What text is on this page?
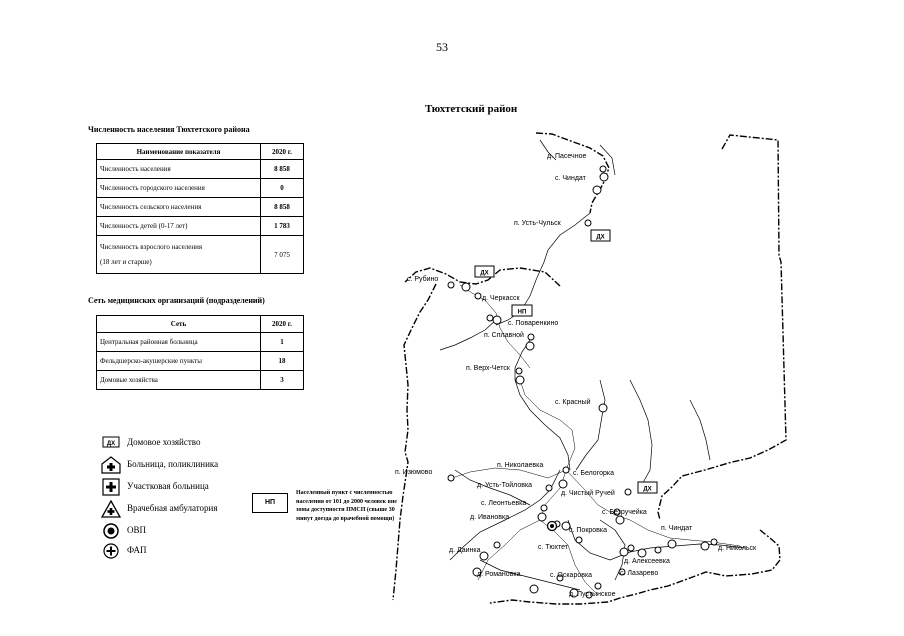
53
Тюхтетский район
Численность населения Тюхтетского района
Наименование показателя	2020 г.
Численность населения	8 858
Численность городского населения	0
Численность сельского населения	8 858
Численность детей (0-17 лет)	1 783

Численность взрослого населения
(18 лет и старше)	7 075
Сеть медицинских организаций (подразделений)
Сеть	2020 г.
Центральная районная больница	1
Фельдшерско-акушерские пункты	18
Домовые хозяйства	3
ДХ Домовое хозяйство
Больница, поликлиника
Участковая больница
Врачебная амбулатория
ОВП
ФАП
НП
Населенный пункт с численностью
населения от 101 до 2000 человек вне
зоны доступности ПМСП (свыше 30
минут доезда до врачебной помощи)
ДХ
ДХ
НП
ДХ
д. Пасечное
с. Чиндат
п. Усть-Чульск
с. Рубино
д. Черкасск
с. Поваренкино
п. Сплавной
п. Верх-Четск
с. Красный
п. Изюмово
п. Николаевка
с. Белогорка
д. Усть-Тойловка
д. Чистый Ручей
с. Леонтьевка
с. Безручейка
д. Ивановка
с. Покровка	п. Чиндат
с. Тюхтет	д. Никольск
д. Даинка
д. Алексеевка
с. Лазарево
д. Романовка	с. Оскаровка
д. Пустынское
